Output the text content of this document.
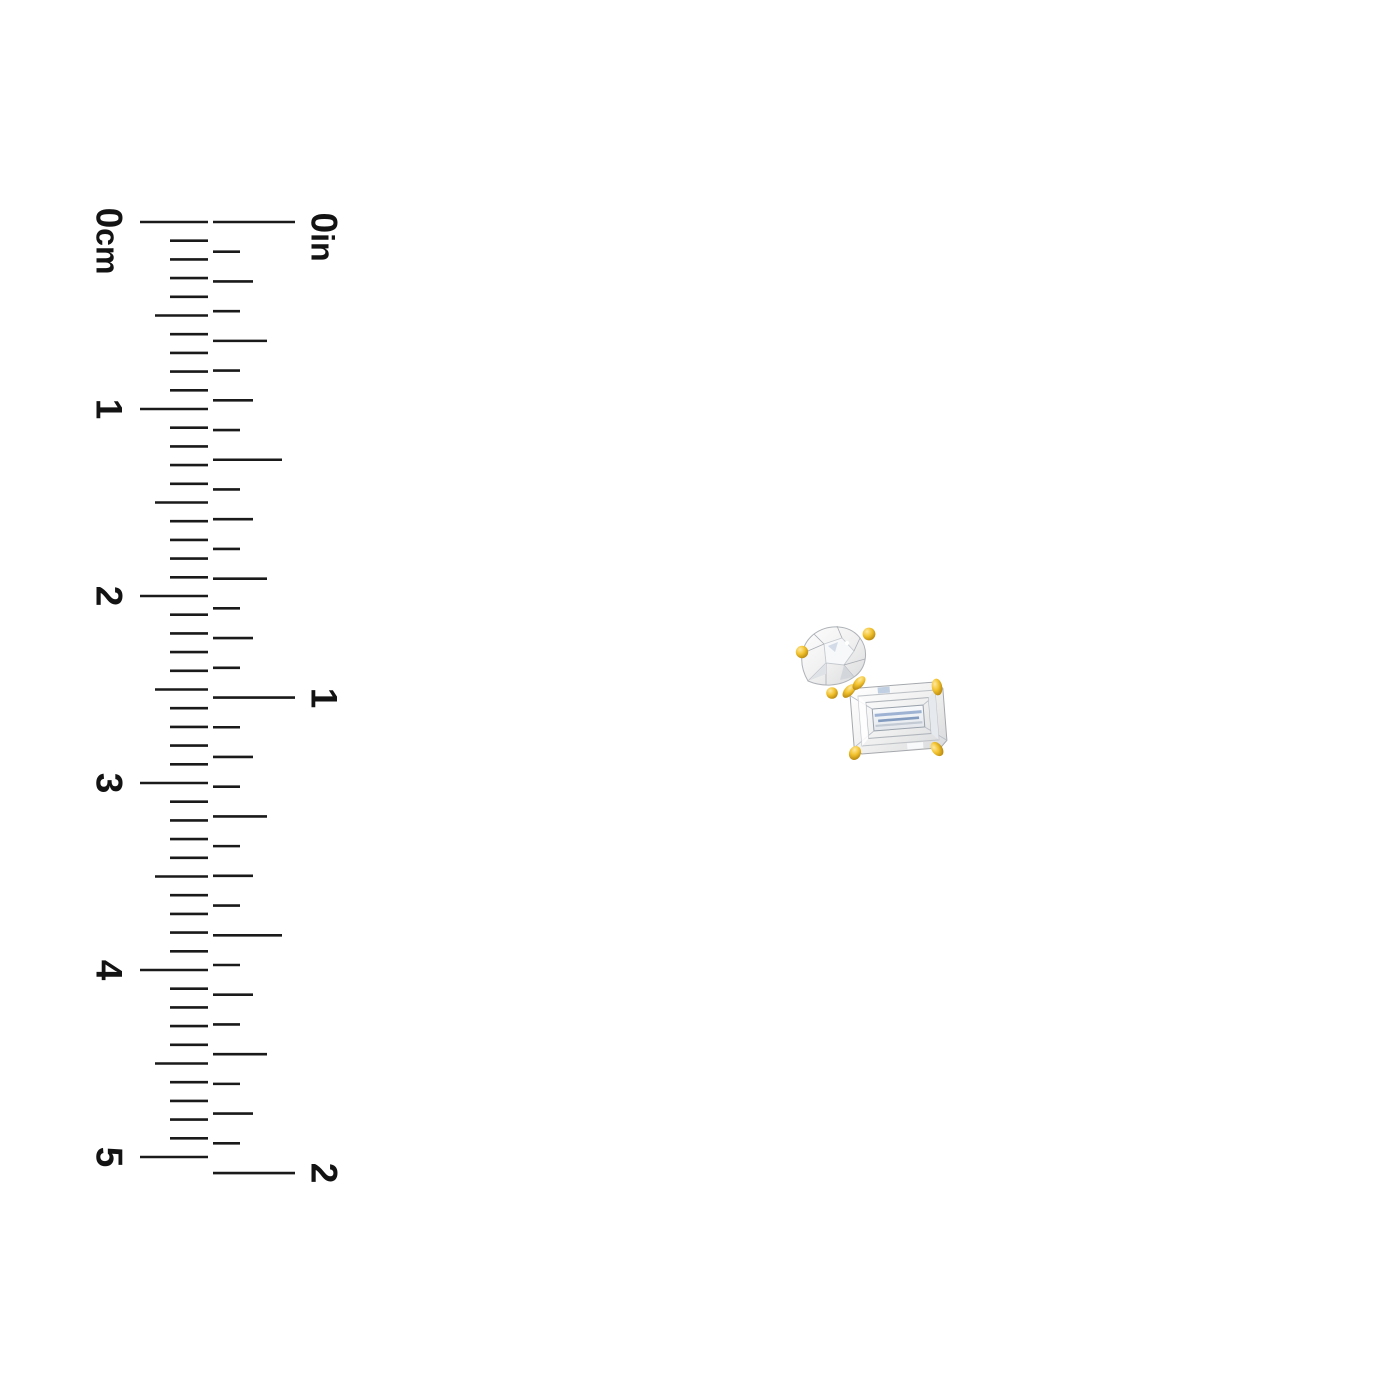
0
cm
1
2
3
4
5
0
in
1
2
